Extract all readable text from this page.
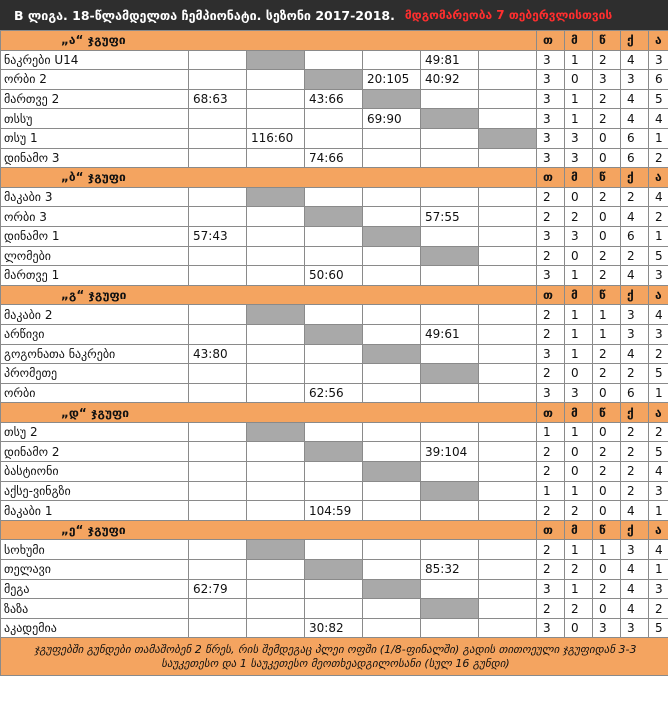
B ლიგა. 18-წლამდელთა ჩემპიონატი. სეზონი 2017-2018. მდგომარეობა 7 თებერვლისთვის
„ა“ ჯგუფი							თ	მ	წ	ქ	ა
ნაკრები U14					49:81		3	1	2	4	3
ორბი 2				20:105	40:92		3	0	3	3	6
მართვე 2	68:63		43:66				3	1	2	4	5
თსსუ				69:90			3	1	2	4	4
თსუ 1		116:60					3	3	0	6	1
დინამო 3			74:66				3	3	0	6	2
„ბ“ ჯგუფი							თ	მ	წ	ქ	ა
მაკაბი 3							2	0	2	2	4
ორბი 3					57:55		2	2	0	4	2
დინამო 1	57:43						3	3	0	6	1
ლომები							2	0	2	2	5
მართვე 1			50:60				3	1	2	4	3
„გ“ ჯგუფი							თ	მ	წ	ქ	ა
მაკაბი 2							2	1	1	3	4
არწივი					49:61		2	1	1	3	3
გოგონათა ნაკრები	43:80						3	1	2	4	2
პრომეთე							2	0	2	2	5
ორბი			62:56				3	3	0	6	1
„დ“ ჯგუფი							თ	მ	წ	ქ	ა
თსუ 2							1	1	0	2	2
დინამო 2					39:104		2	0	2	2	5
ბასტიონი							2	0	2	2	4
აქსე-ვინგზი							1	1	0	2	3
მაკაბი 1			104:59				2	2	0	4	1
„ე“ ჯგუფი							თ	მ	წ	ქ	ა
სოხუმი							2	1	1	3	4
თელავი					85:32		2	2	0	4	1
მეგა	62:79						3	1	2	4	3
ზაზა							2	2	0	4	2
აკადემია			30:82				3	0	3	3	5
ჯგუფებში გუნდები თამაშობენ 2 წრეს, რის შემდეგაც პლეი ოფში (1/8-ფინალში) გადის თითოეული ჯგუფიდან 3-3 საუკეთესო და 1 საუკეთესო მეოთხეადგილოსანი (სულ 16 გუნდი)											
